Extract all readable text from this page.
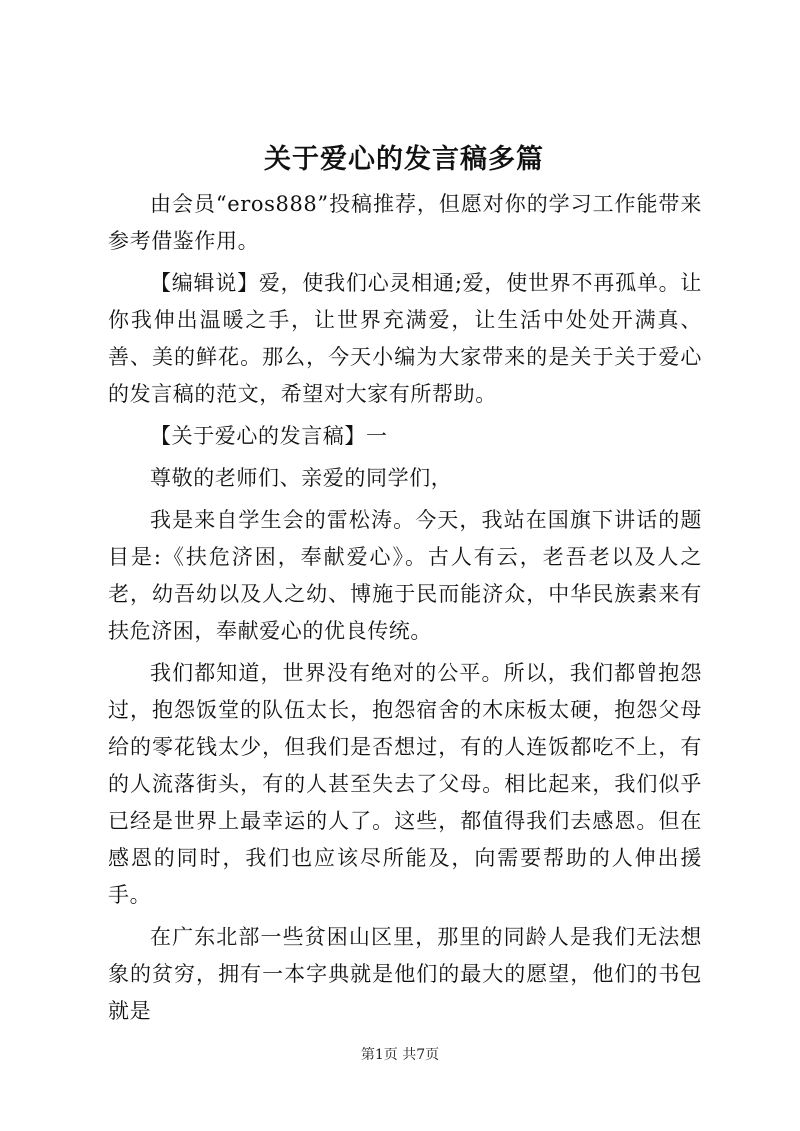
关于爱心的发言稿多篇

由会员“eros888”投稿推荐，但愿对你的学习工作能带来参考借鉴作用。

【编辑说】爱，使我们心灵相通;爱，使世界不再孤单。让你我伸出温暖之手，让世界充满爱，让生活中处处开满真、善、美的鲜花。那么，今天小编为大家带来的是关于关于爱心的发言稿的范文，希望对大家有所帮助。

【关于爱心的发言稿】一

尊敬的老师们、亲爱的同学们，

我是来自学生会的雷松涛。今天，我站在国旗下讲话的题目是:《扶危济困，奉献爱心》。古人有云，老吾老以及人之老，幼吾幼以及人之幼、博施于民而能济众，中华民族素来有扶危济困，奉献爱心的优良传统。

我们都知道，世界没有绝对的公平。所以，我们都曾抱怨过，抱怨饭堂的队伍太长，抱怨宿舍的木床板太硬，抱怨父母给的零花钱太少，但我们是否想过，有的人连饭都吃不上，有的人流落街头，有的人甚至失去了父母。相比起来，我们似乎已经是世界上最幸运的人了。这些，都值得我们去感恩。但在感恩的同时，我们也应该尽所能及，向需要帮助的人伸出援手。

在广东北部一些贫困山区里，那里的同龄人是我们无法想象的贫穷，拥有一本字典就是他们的最大的愿望，他们的书包就是

第1页 共7页
